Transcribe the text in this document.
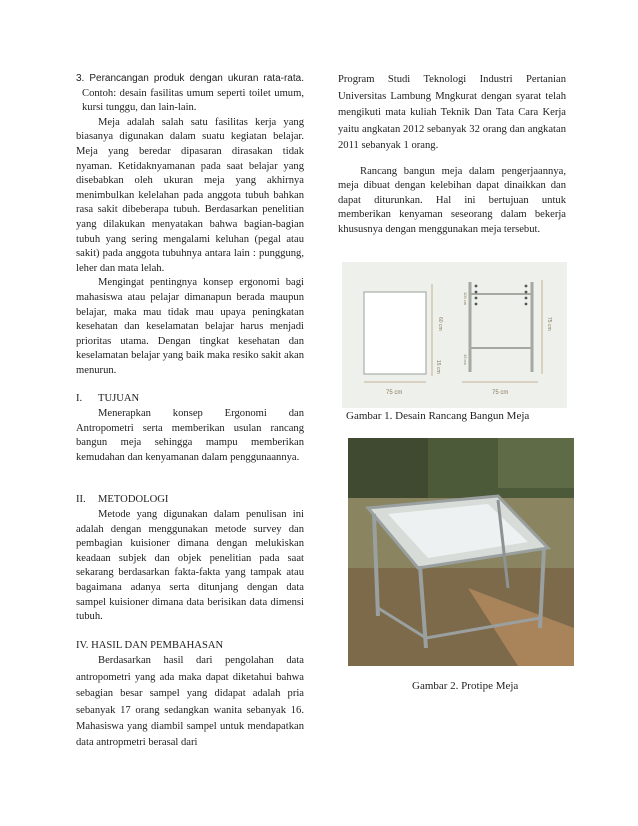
3. Perancangan produk dengan ukuran rata-rata. Contoh: desain fasilitas umum seperti toilet umum, kursi tunggu, dan lain-lain.

Meja adalah salah satu fasilitas kerja yang biasanya digunakan dalam suatu kegiatan belajar. Meja yang beredar dipasaran dirasakan tidak nyaman. Ketidaknyamanan pada saat belajar yang disebabkan oleh ukuran meja yang akhirnya menimbulkan kelelahan pada anggota tubuh bahkan rasa sakit dibeberapa tubuh. Berdasarkan penelitian yang dilakukan menyatakan bahwa bagian-bagian tubuh yang sering mengalami keluhan (pegal atau sakit) pada anggota tubuhnya antara lain : punggung, leher dan mata lelah.

Mengingat pentingnya konsep ergonomi bagi mahasiswa atau pelajar dimanapun berada maupun belajar, maka mau tidak mau upaya peningkatan kesehatan dan keselamatan belajar harus menjadi prioritas utama. Dengan tingkat kesehatan dan keselamatan belajar yang baik maka resiko sakit akan menurun.

I. TUJUAN

Menerapkan konsep Ergonomi dan Antropometri serta memberikan usulan rancang bangun meja sehingga mampu memberikan kemudahan dan kenyamanan dalam penggunaannya.

II. METODOLOGI

Metode yang digunakan dalam penulisan ini adalah dengan menggunakan metode survey dan pembagian kuisioner dimana dengan melukiskan keadaan subjek dan objek penelitian pada saat sekarang berdasarkan fakta-fakta yang tampak atau bagaimana adanya serta ditunjang dengan data sampel kuisioner dimana data berisikan data dimensi tubuh.

IV. HASIL DAN PEMBAHASAN

Berdasarkan hasil dari pengolahan data antropometri yang ada maka dapat diketahui bahwa sebagian besar sampel yang didapat adalah pria sebanyak 17 orang sedangkan wanita sebanyak 16. Mahasiswa yang diambil sampel untuk mendapatkan data antropmetri berasal dari

Program Studi Teknologi Industri Pertanian Universitas Lambung Mngkurat dengan syarat telah mengikuti mata kuliah Teknik Dan Tata Cara Kerja yaitu angkatan 2012 sebanyak 32 orang dan angkatan 2011 sebanyak 1 orang.

Rancang bangun meja dalam pengerjaannya, meja dibuat dengan kelebihan dapat dinaikkan dan dapat diturunkan. Hal ini bertujuan untuk memberikan kenyaman seseorang dalam bekerja khususnya dengan menggunakan meja tersebut.

75 cm
60 cm
15 cm
75 cm
75 cm
100 cm
15 cm
Gambar 1. Desain Rancang Bangun Meja
Gambar 2. Protipe Meja
